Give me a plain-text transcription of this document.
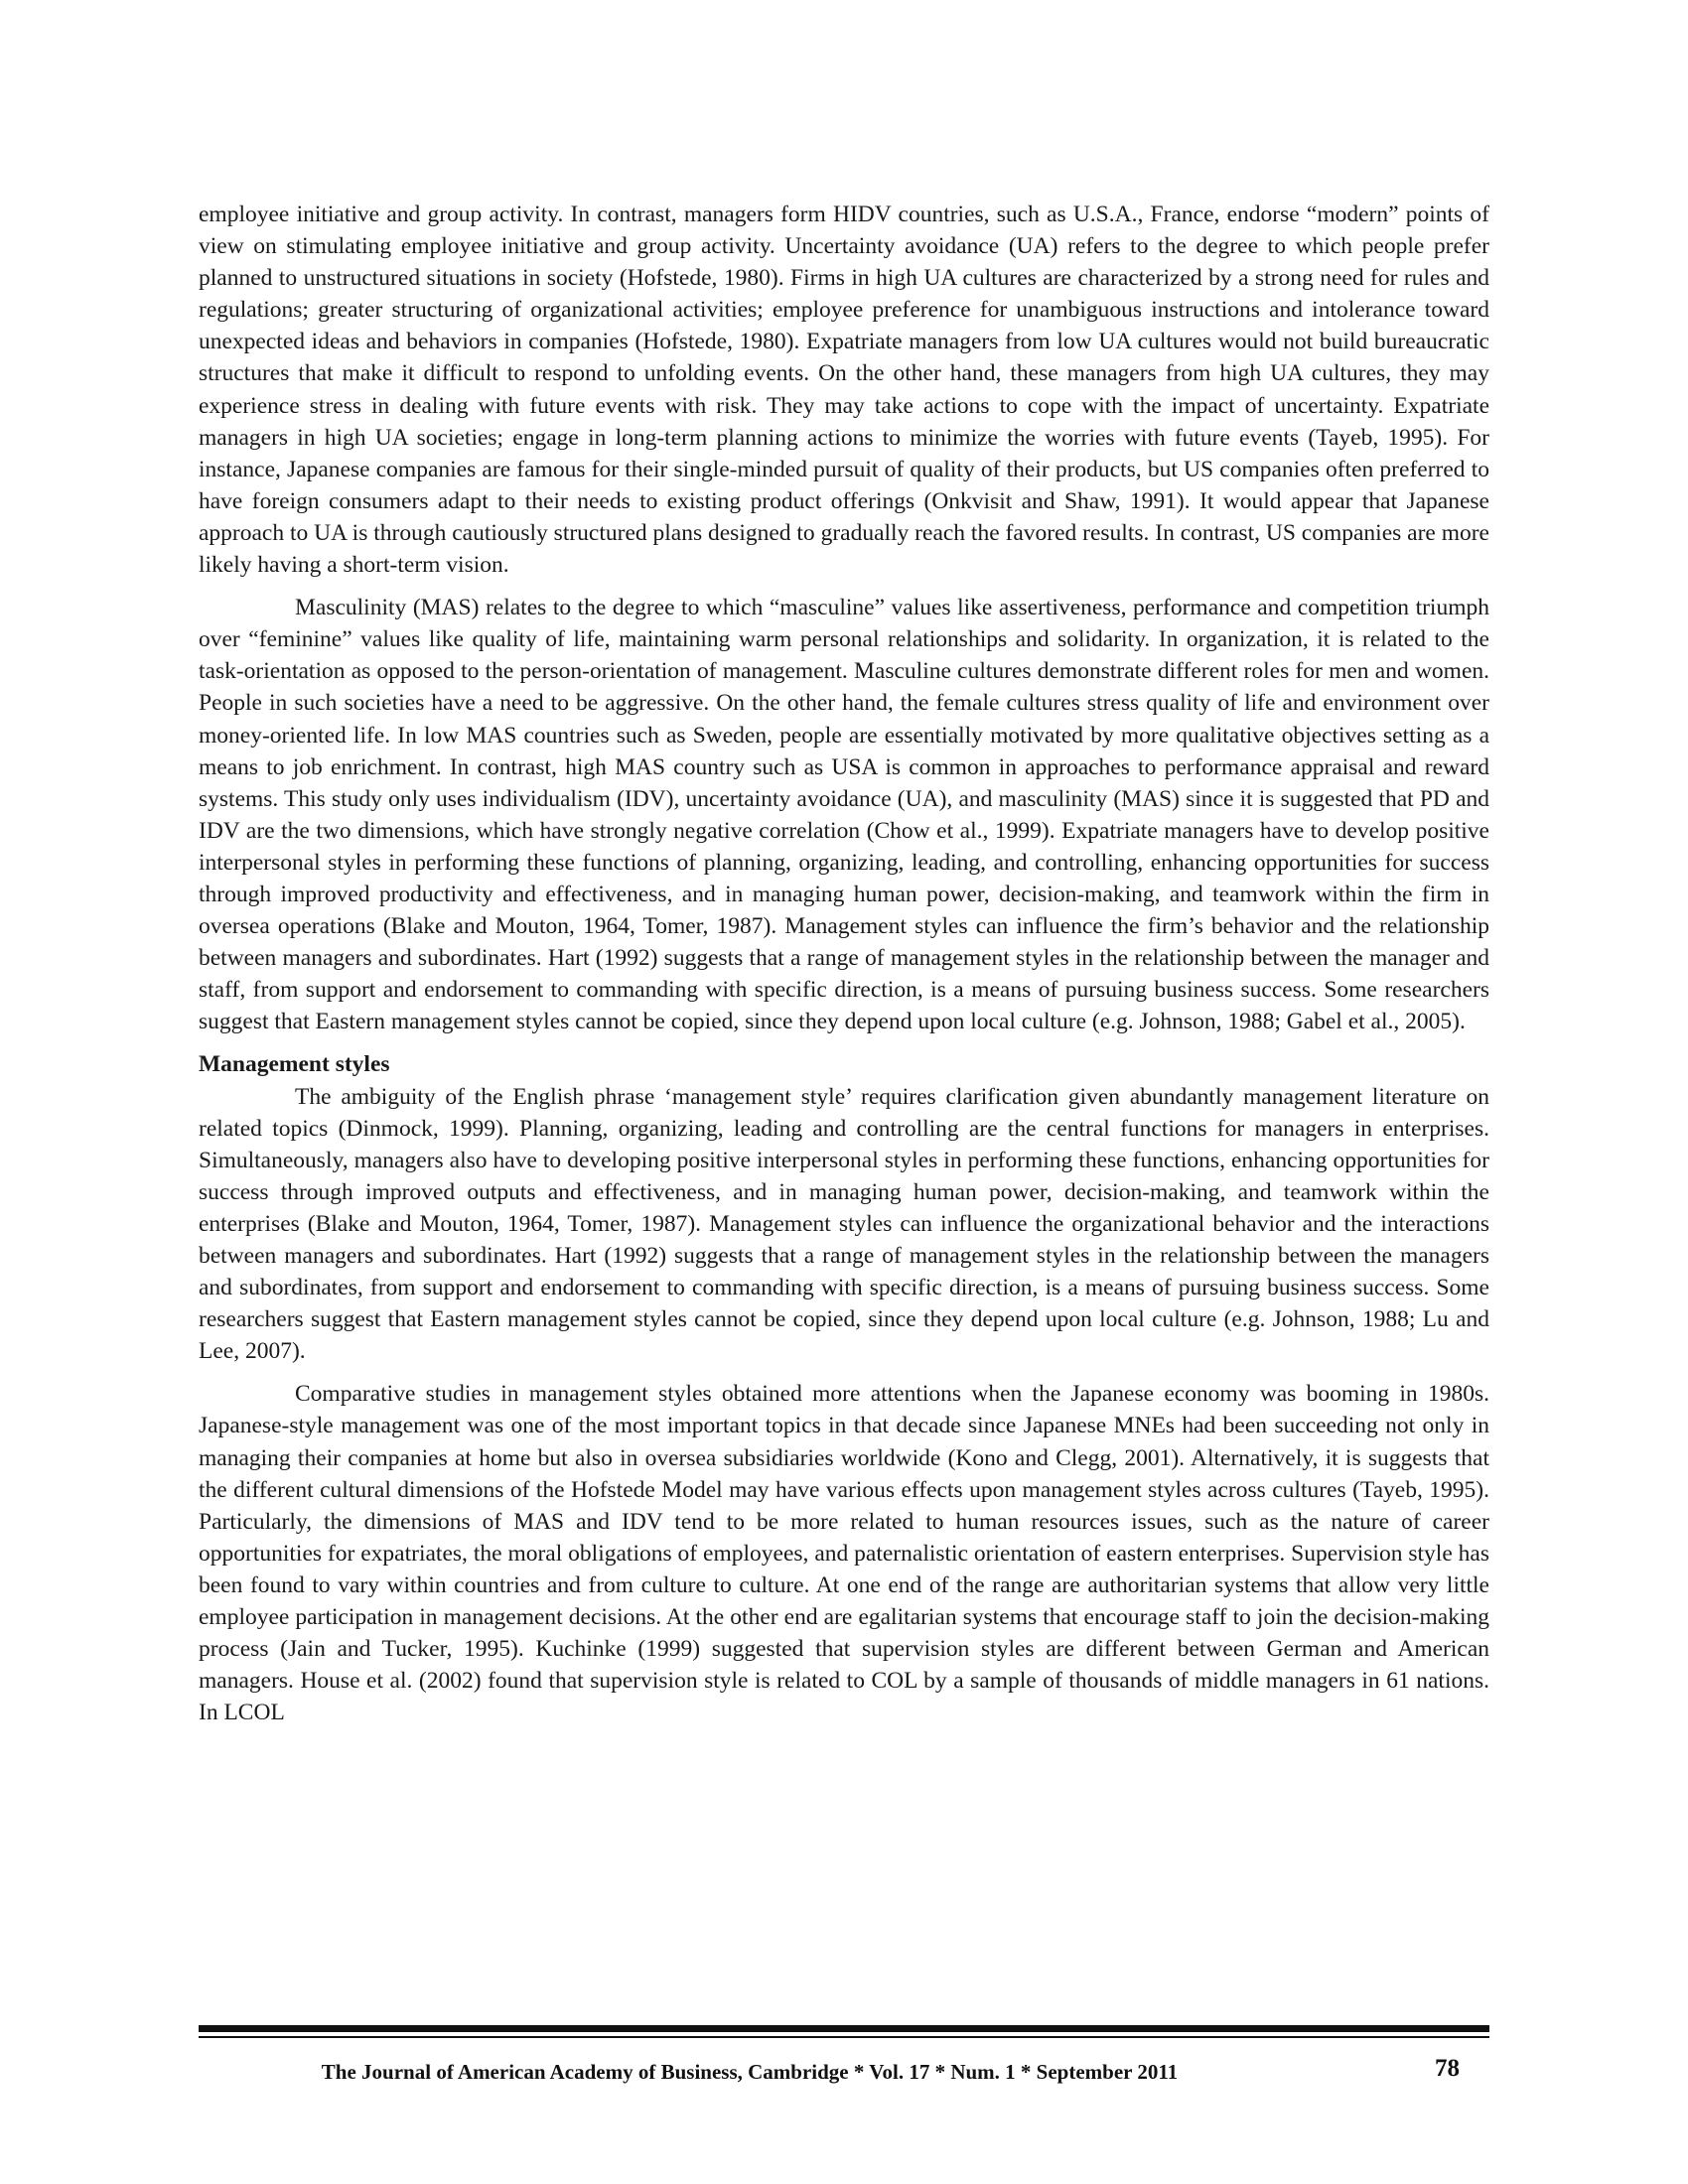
employee initiative and group activity. In contrast, managers form HIDV countries, such as U.S.A., France, endorse “modern” points of view on stimulating employee initiative and group activity. Uncertainty avoidance (UA) refers to the degree to which people prefer planned to unstructured situations in society (Hofstede, 1980). Firms in high UA cultures are characterized by a strong need for rules and regulations; greater structuring of organizational activities; employee preference for unambiguous instructions and intolerance toward unexpected ideas and behaviors in companies (Hofstede, 1980). Expatriate managers from low UA cultures would not build bureaucratic structures that make it difficult to respond to unfolding events. On the other hand, these managers from high UA cultures, they may experience stress in dealing with future events with risk. They may take actions to cope with the impact of uncertainty. Expatriate managers in high UA societies; engage in long-term planning actions to minimize the worries with future events (Tayeb, 1995). For instance, Japanese companies are famous for their single-minded pursuit of quality of their products, but US companies often preferred to have foreign consumers adapt to their needs to existing product offerings (Onkvisit and Shaw, 1991). It would appear that Japanese approach to UA is through cautiously structured plans designed to gradually reach the favored results. In contrast, US companies are more likely having a short-term vision.

Masculinity (MAS) relates to the degree to which “masculine” values like assertiveness, performance and competition triumph over “feminine” values like quality of life, maintaining warm personal relationships and solidarity. In organization, it is related to the task-orientation as opposed to the person-orientation of management. Masculine cultures demonstrate different roles for men and women. People in such societies have a need to be aggressive. On the other hand, the female cultures stress quality of life and environment over money-oriented life. In low MAS countries such as Sweden, people are essentially motivated by more qualitative objectives setting as a means to job enrichment. In contrast, high MAS country such as USA is common in approaches to performance appraisal and reward systems. This study only uses individualism (IDV), uncertainty avoidance (UA), and masculinity (MAS) since it is suggested that PD and IDV are the two dimensions, which have strongly negative correlation (Chow et al., 1999). Expatriate managers have to develop positive interpersonal styles in performing these functions of planning, organizing, leading, and controlling, enhancing opportunities for success through improved productivity and effectiveness, and in managing human power, decision-making, and teamwork within the firm in oversea operations (Blake and Mouton, 1964, Tomer, 1987). Management styles can influence the firm’s behavior and the relationship between managers and subordinates. Hart (1992) suggests that a range of management styles in the relationship between the manager and staff, from support and endorsement to commanding with specific direction, is a means of pursuing business success. Some researchers suggest that Eastern management styles cannot be copied, since they depend upon local culture (e.g. Johnson, 1988; Gabel et al., 2005).

Management styles

The ambiguity of the English phrase ‘management style’ requires clarification given abundantly management literature on related topics (Dinmock, 1999). Planning, organizing, leading and controlling are the central functions for managers in enterprises. Simultaneously, managers also have to developing positive interpersonal styles in performing these functions, enhancing opportunities for success through improved outputs and effectiveness, and in managing human power, decision-making, and teamwork within the enterprises (Blake and Mouton, 1964, Tomer, 1987). Management styles can influence the organizational behavior and the interactions between managers and subordinates. Hart (1992) suggests that a range of management styles in the relationship between the managers and subordinates, from support and endorsement to commanding with specific direction, is a means of pursuing business success. Some researchers suggest that Eastern management styles cannot be copied, since they depend upon local culture (e.g. Johnson, 1988; Lu and Lee, 2007).

Comparative studies in management styles obtained more attentions when the Japanese economy was booming in 1980s. Japanese-style management was one of the most important topics in that decade since Japanese MNEs had been succeeding not only in managing their companies at home but also in oversea subsidiaries worldwide (Kono and Clegg, 2001). Alternatively, it is suggests that the different cultural dimensions of the Hofstede Model may have various effects upon management styles across cultures (Tayeb, 1995). Particularly, the dimensions of MAS and IDV tend to be more related to human resources issues, such as the nature of career opportunities for expatriates, the moral obligations of employees, and paternalistic orientation of eastern enterprises. Supervision style has been found to vary within countries and from culture to culture. At one end of the range are authoritarian systems that allow very little employee participation in management decisions. At the other end are egalitarian systems that encourage staff to join the decision-making process (Jain and Tucker, 1995). Kuchinke (1999) suggested that supervision styles are different between German and American managers. House et al. (2002) found that supervision style is related to COL by a sample of thousands of middle managers in 61 nations. In LCOL

The Journal of American Academy of Business, Cambridge * Vol. 17 * Num. 1 * September 2011	78
